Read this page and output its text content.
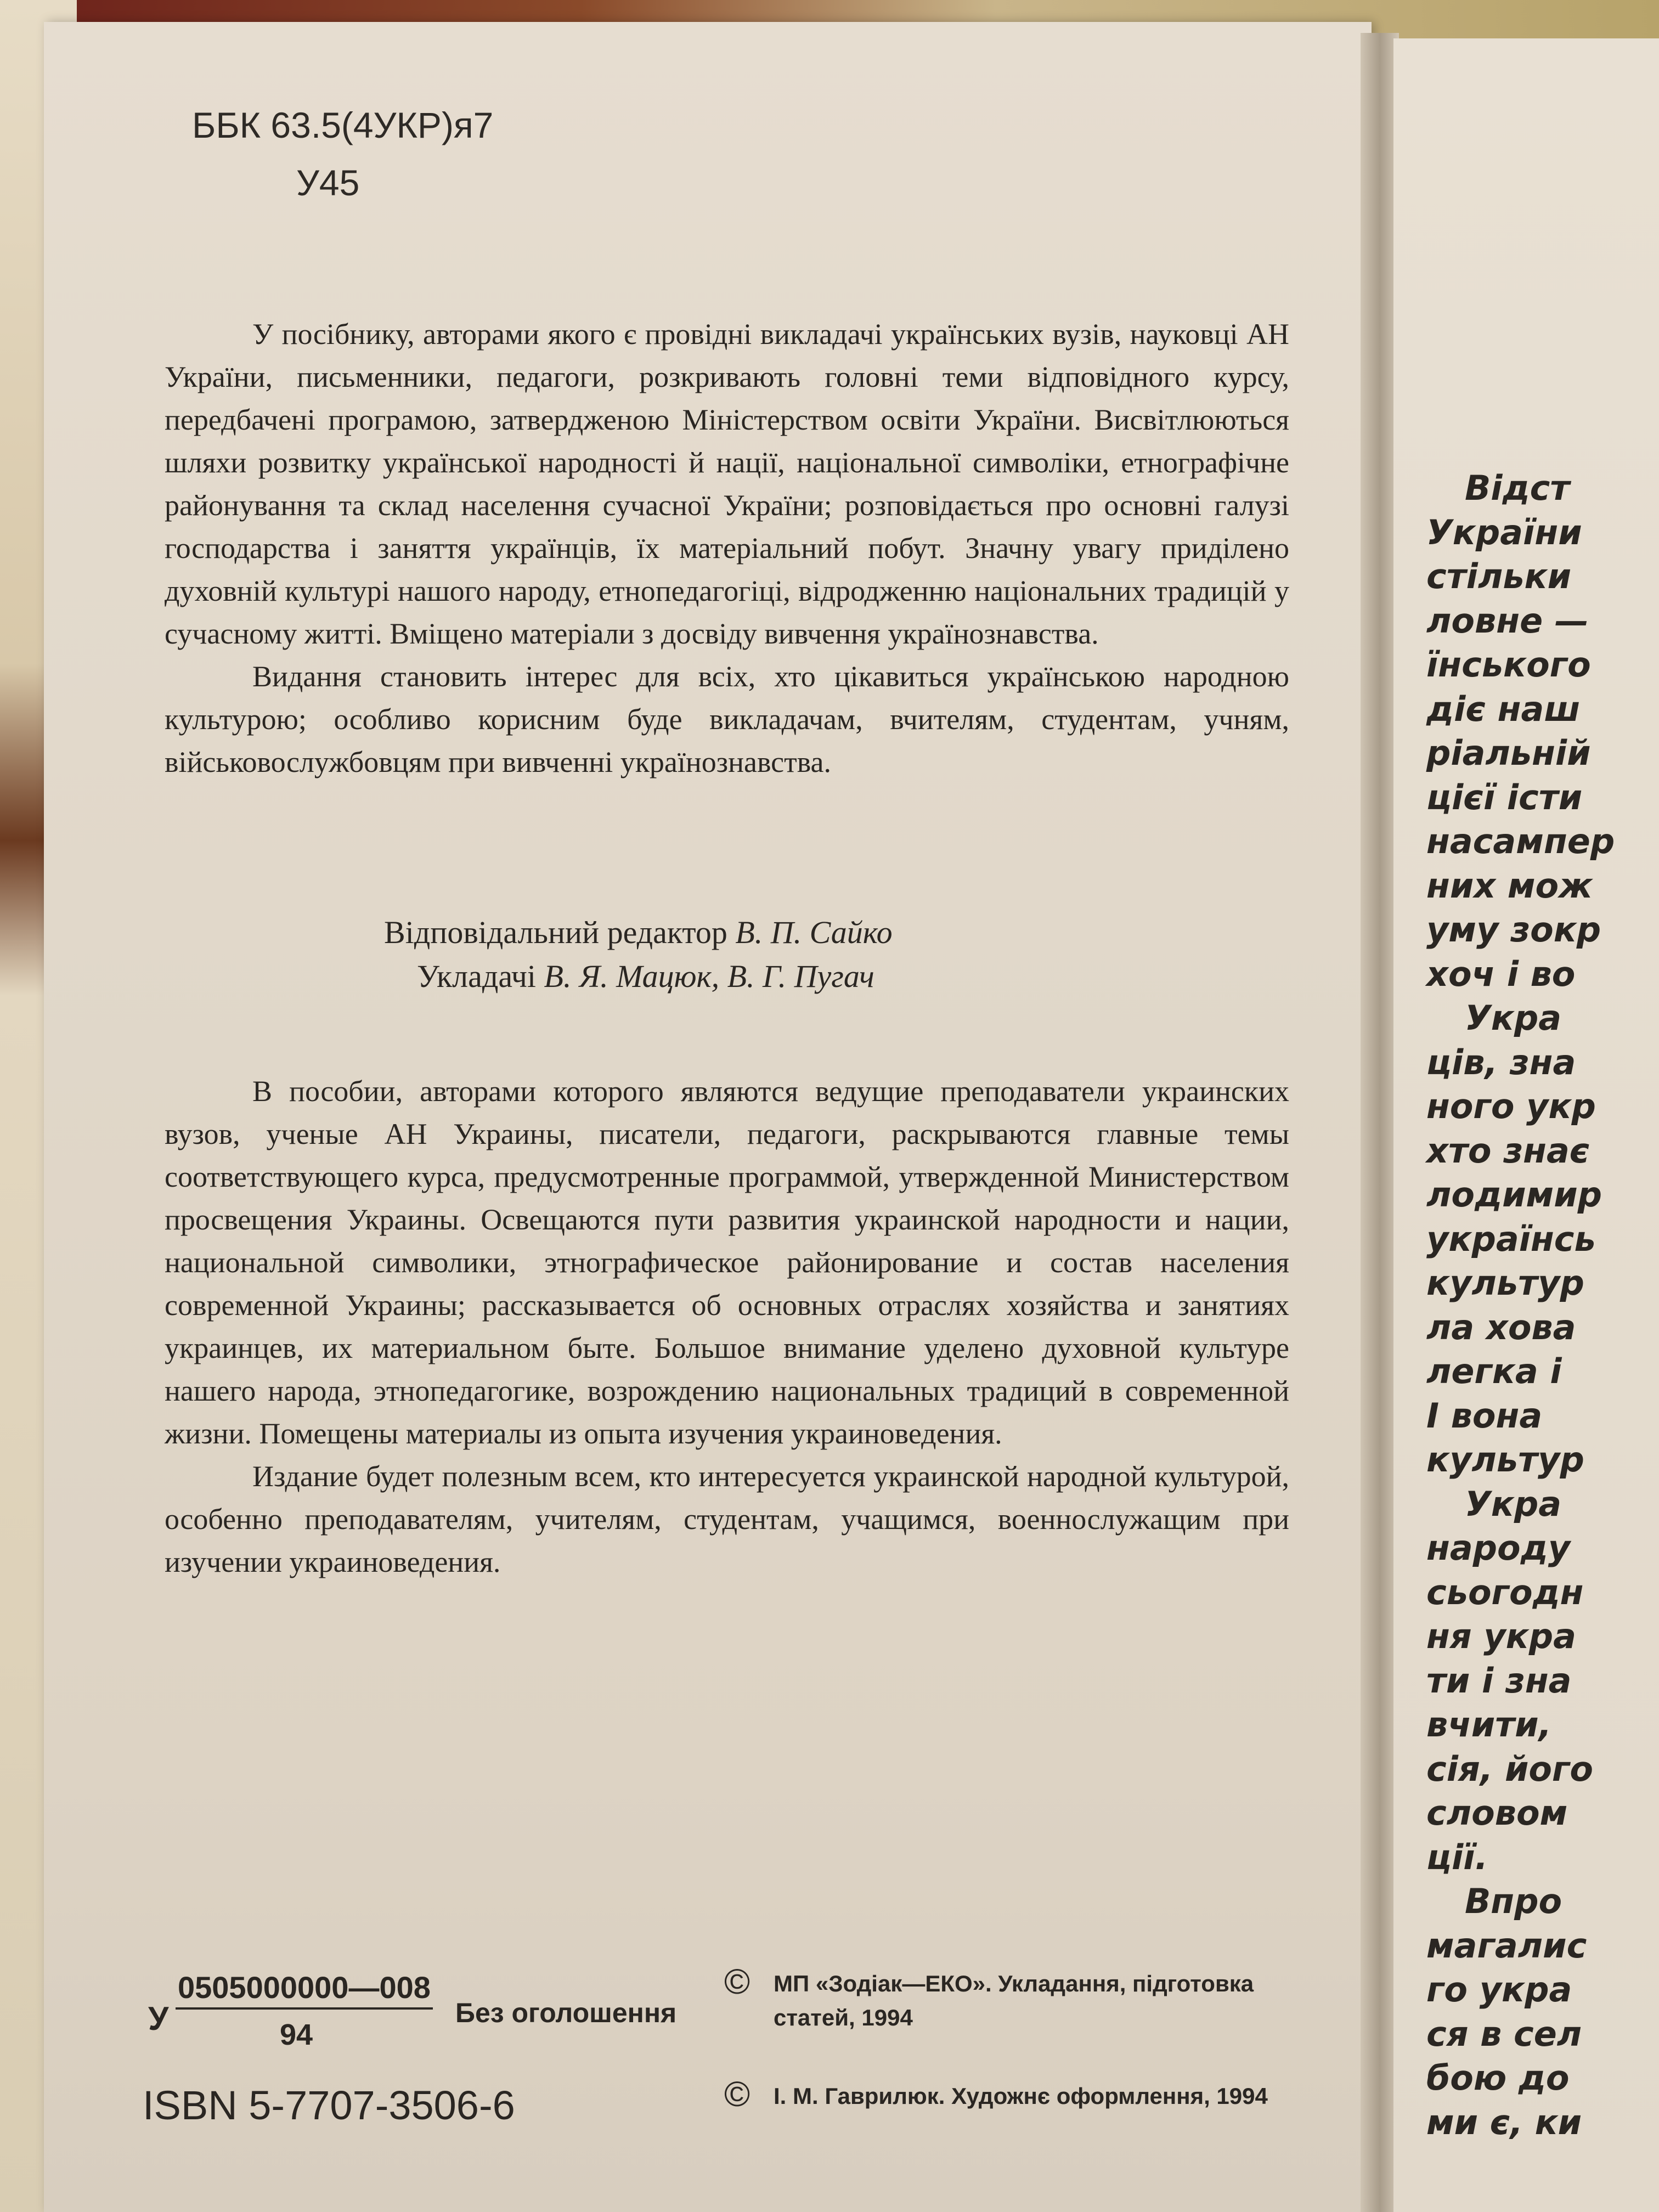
Відст
України
стільки
ловне —
їнського
діє наш
ріальній
цієї істи
насампер
них мож
уму зокр
хоч і во
Укра
ців, зна
ного укр
хто знає
лодимир
українсь
культур
ла хова
легка і
І вона
культур
Укра
народу
сьогодн
ня укра
ти і зна
вчити,
сія, його
словом
ції.
Впро
магалис
го укра
ся в сел
бою до
ми є, ки
ББК 63.5(4УКР)я7
У45

У посібнику, авторами якого є провідні викладачі українських вузів, науковці АН України, письменники, педагоги, розкривають головні теми відповідного курсу, передбачені програмою, затвердженою Міністерством освіти України. Висвітлюються шляхи розвитку української народності й нації, національної символіки, етнографічне районування та склад населення сучасної України; розповідається про основні галузі господарства і заняття українців, їх матеріальний побут. Значну увагу приділено духовній культурі нашого народу, етнопедагогіці, відродженню національних традицій у сучасному житті. Вміщено матеріали з досвіду вивчення українознавства.

Видання становить інтерес для всіх, хто цікавиться українською народною культурою; особливо корисним буде викладачам, вчителям, студентам, учням, військовослужбовцям при вивченні українознавства.

Відповідальний редактор В. П. Сайко
Укладачі В. Я. Мацюк, В. Г. Пугач

В пособии, авторами которого являются ведущие преподаватели украинских вузов, ученые АН Украины, писатели, педагоги, раскрываются главные темы соответствующего курса, предусмотренные программой, утвержденной Министерством просвещения Украины. Освещаются пути развития украинской народности и нации, национальной символики, этнографическое районирование и состав населения современной Украины; рассказывается об основных отраслях хозяйства и занятиях украинцев, их материальном быте. Большое внимание уделено духовной культуре нашего народа, этнопедагогике, возрождению национальных традиций в современной жизни. Помещены материалы из опыта изучения украиноведения.

Издание будет полезным всем, кто интересуется украинской народной культурой, особенно преподавателям, учителям, студентам, учащимся, военнослужащим при изучении украиноведения.

У
0505000000—008
94
Без оголошення
©	МП «Зодіак—ЕКО». Укладання, підготовка статей, 1994
©	І. М. Гаврилюк. Художнє оформлення, 1994
ISBN 5-7707-3506-6
